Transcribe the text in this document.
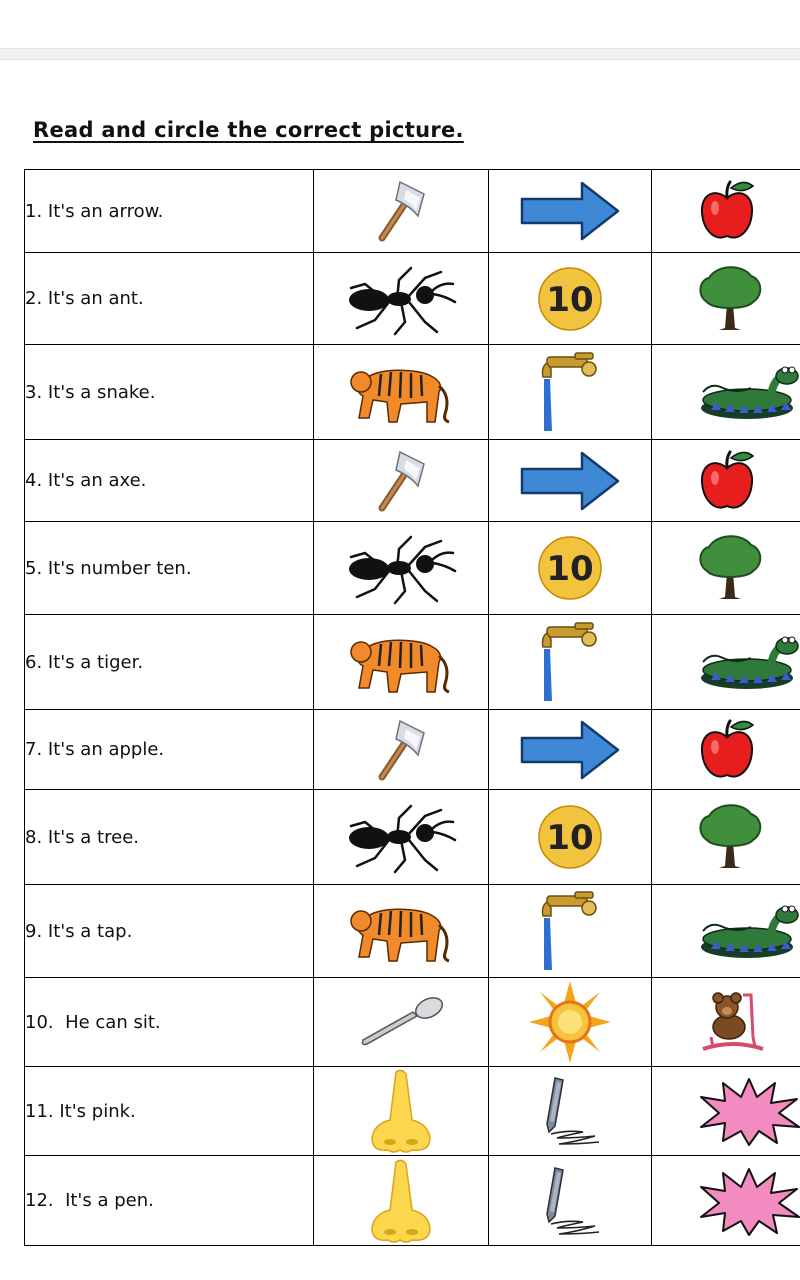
Read and circle the correct picture.
1. It's an arrow.	

2. It's an ant.		10

3. It's a snake.	

4. It's an axe.	

5. It's number ten.		10

6. It's a tiger.	

7. It's an apple.	

8. It's a tree.		10

9. It's a tap.	

10.  He can sit.	

11. It's pink.	

12.  It's a pen.	
